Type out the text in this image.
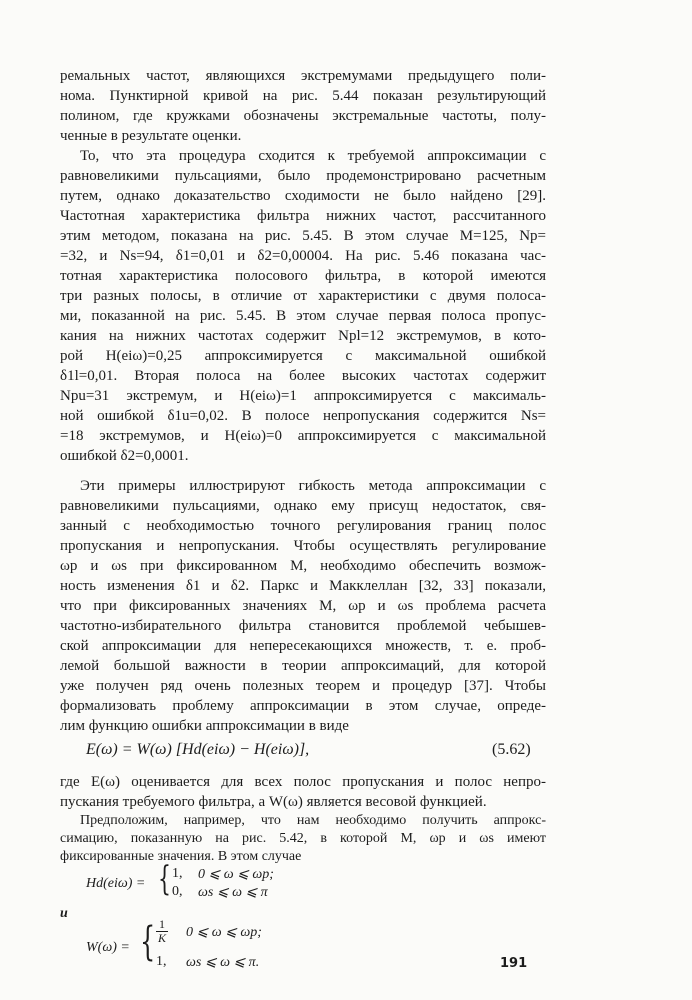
ремальных частот, являющихся экстремумами предыдущего поли-
нома. Пунктирной кривой на рис. 5.44 показан результирующий
полином, где кружками обозначены экстремальные частоты, полу-
ченные в результате оценки.
То, что эта процедура сходится к требуемой аппроксимации с
равновеликими пульсациями, было продемонстрировано расчетным
путем, однако доказательство сходимости не было найдено [29].
Частотная характеристика фильтра нижних частот, рассчитанного
этим методом, показана на рис. 5.45. В этом случае M=125, Np=
=32, и Ns=94, δ1=0,01 и δ2=0,00004. На рис. 5.46 показана час-
тотная характеристика полосового фильтра, в которой имеются
три разных полосы, в отличие от характеристики с двумя полоса-
ми, показанной на рис. 5.45. В этом случае первая полоса пропус-
кания на нижних частотах содержит Npl=12 экстремумов, в кото-
рой H(eiω)=0,25 аппроксимируется с максимальной ошибкой
δ1l=0,01. Вторая полоса на более высоких частотах содержит
Npu=31 экстремум, и H(eiω)=1 аппроксимируется с максималь-
ной ошибкой δ1u=0,02. В полосе непропускания содержится Ns=
=18 экстремумов, и H(eiω)=0 аппроксимируется с максимальной
ошибкой δ2=0,0001.
Эти примеры иллюстрируют гибкость метода аппроксимации с
равновеликими пульсациями, однако ему присущ недостаток, свя-
занный с необходимостью точного регулирования границ полос
пропускания и непропускания. Чтобы осуществлять регулирование
ωp и ωs при фиксированном M, необходимо обеспечить возмож-
ность изменения δ1 и δ2. Паркс и Макклеллан [32, 33] показали,
что при фиксированных значениях M, ωp и ωs проблема расчета
частотно-избирательного фильтра становится проблемой чебышев-
ской аппроксимации для непересекающихся множеств, т. е. проб-
лемой большой важности в теории аппроксимаций, для которой
уже получен ряд очень полезных теорем и процедур [37]. Чтобы
формализовать проблему аппроксимации в этом случае, опреде-
лим функцию ошибки аппроксимации в виде
E(ω) = W(ω) [Hd(eiω) − H(eiω)],	(5.62)
где E(ω) оценивается для всех полос пропускания и полос непро-
пускания требуемого фильтра, а W(ω) является весовой функцией.
Предположим, например, что нам необходимо получить аппрокс-
симацию, показанную на рис. 5.42, в которой M, ωp и ωs имеют
фиксированные значения. В этом случае
Hd(eiω) = { 1, 0 ⩽ ω ⩽ ωp;
0, ωs ⩽ ω ⩽ π
и
W(ω) = { $\frac{1}{K} 0$ ⩽ ω ⩽ ωp;
1, ωs ⩽ ω ⩽ π.	191
